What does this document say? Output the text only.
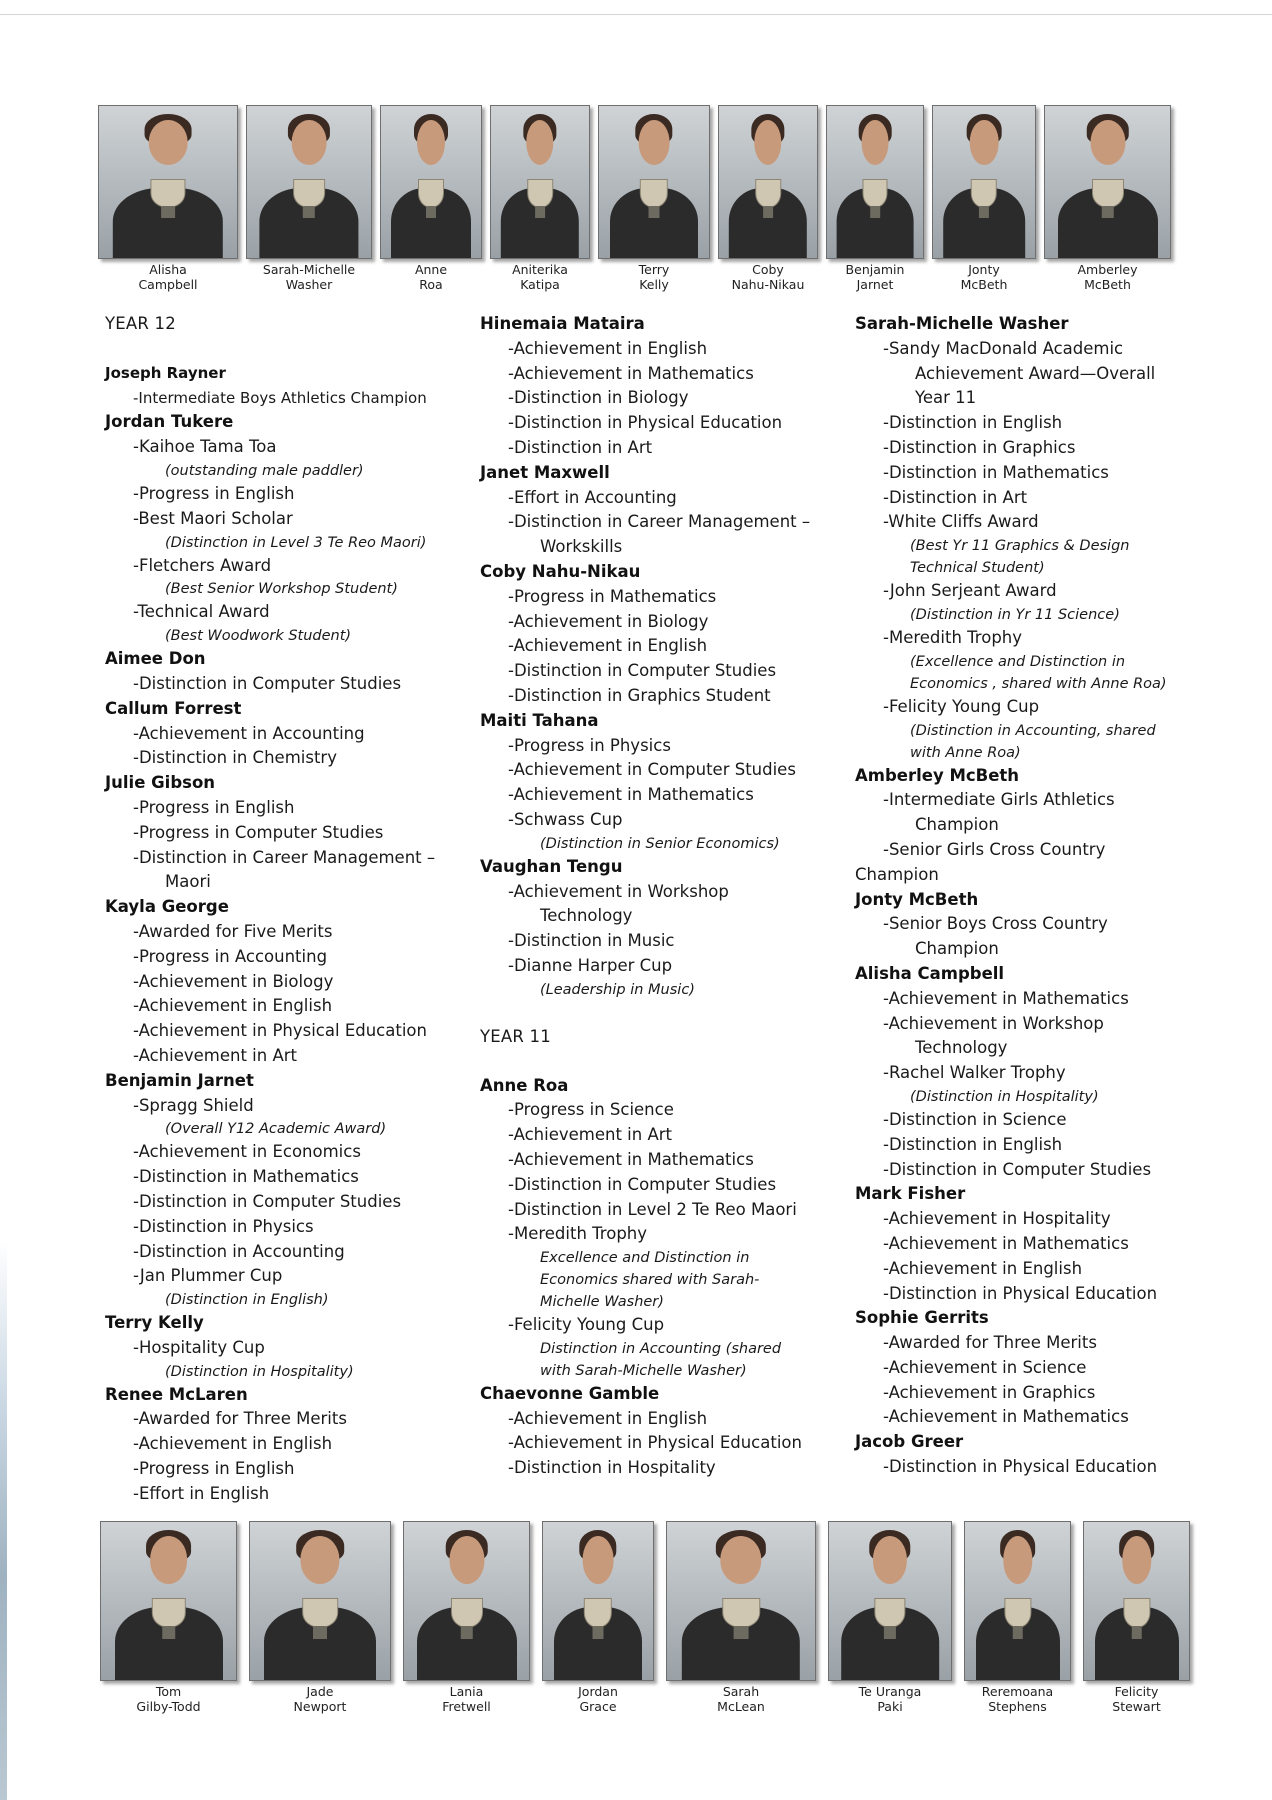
Alisha
Campbell
Sarah-Michelle
Washer
Anne
Roa
Aniterika
Katipa
Terry
Kelly
Coby
Nahu-Nikau
Benjamin
Jarnet
Jonty
McBeth
Amberley
McBeth
YEAR 12
Joseph Rayner
-Intermediate Boys Athletics Champion
Jordan Tukere
-Kaihoe Tama Toa
(outstanding male paddler)
-Progress in English
-Best Maori Scholar
(Distinction in Level 3 Te Reo Maori)
-Fletchers Award
(Best Senior Workshop Student)
-Technical Award
(Best Woodwork Student)
Aimee Don
-Distinction in Computer Studies
Callum Forrest
-Achievement in Accounting
-Distinction in Chemistry
Julie Gibson
-Progress in English
-Progress in Computer Studies
-Distinction in Career Management –
Maori
Kayla George
-Awarded for Five Merits
-Progress in Accounting
-Achievement in Biology
-Achievement in English
-Achievement in Physical Education
-Achievement in Art
Benjamin Jarnet
-Spragg Shield
(Overall Y12 Academic Award)
-Achievement in Economics
-Distinction in Mathematics
-Distinction in Computer Studies
-Distinction in Physics
-Distinction in Accounting
-Jan Plummer Cup
(Distinction in English)
Terry Kelly
-Hospitality Cup
(Distinction in Hospitality)
Renee McLaren
-Awarded for Three Merits
-Achievement in English
-Progress in English
-Effort in English
Hinemaia Mataira
-Achievement in English
-Achievement in Mathematics
-Distinction in Biology
-Distinction in Physical Education
-Distinction in Art
Janet Maxwell
-Effort in Accounting
-Distinction in Career Management –
Workskills
Coby Nahu-Nikau
-Progress in Mathematics
-Achievement in Biology
-Achievement in English
-Distinction in Computer Studies
-Distinction in Graphics Student
Maiti Tahana
-Progress in Physics
-Achievement in Computer Studies
-Achievement in Mathematics
-Schwass Cup
(Distinction in Senior Economics)
Vaughan Tengu
-Achievement in Workshop
Technology
-Distinction in Music
-Dianne Harper Cup
(Leadership in Music)
YEAR 11
Anne Roa
-Progress in Science
-Achievement in Art
-Achievement in Mathematics
-Distinction in Computer Studies
-Distinction in Level 2 Te Reo Maori
-Meredith Trophy
Excellence and Distinction in
Economics shared with Sarah-
Michelle Washer)
-Felicity Young Cup
Distinction in Accounting (shared
with Sarah-Michelle Washer)
Chaevonne Gamble
-Achievement in English
-Achievement in Physical Education
-Distinction in Hospitality
Sarah-Michelle Washer
-Sandy MacDonald Academic
Achievement Award—Overall
Year 11
-Distinction in English
-Distinction in Graphics
-Distinction in Mathematics
-Distinction in Art
-White Cliffs Award
(Best Yr 11 Graphics & Design
Technical Student)
-John Serjeant Award
(Distinction in Yr 11 Science)
-Meredith Trophy
(Excellence and Distinction in
Economics , shared with Anne Roa)
-Felicity Young Cup
(Distinction in Accounting, shared
with Anne Roa)
Amberley McBeth
-Intermediate Girls Athletics
Champion
-Senior Girls Cross Country
Champion
Jonty McBeth
-Senior Boys Cross Country
Champion
Alisha Campbell
-Achievement in Mathematics
-Achievement in Workshop
Technology
-Rachel Walker Trophy
(Distinction in Hospitality)
-Distinction in Science
-Distinction in English
-Distinction in Computer Studies
Mark Fisher
-Achievement in Hospitality
-Achievement in Mathematics
-Achievement in English
-Distinction in Physical Education
Sophie Gerrits
-Awarded for Three Merits
-Achievement in Science
-Achievement in Graphics
-Achievement in Mathematics
Jacob Greer
-Distinction in Physical Education
Tom
Gilby-Todd
Jade
Newport
Lania
Fretwell
Jordan
Grace
Sarah
McLean
Te Uranga
Paki
Reremoana
Stephens
Felicity
Stewart
